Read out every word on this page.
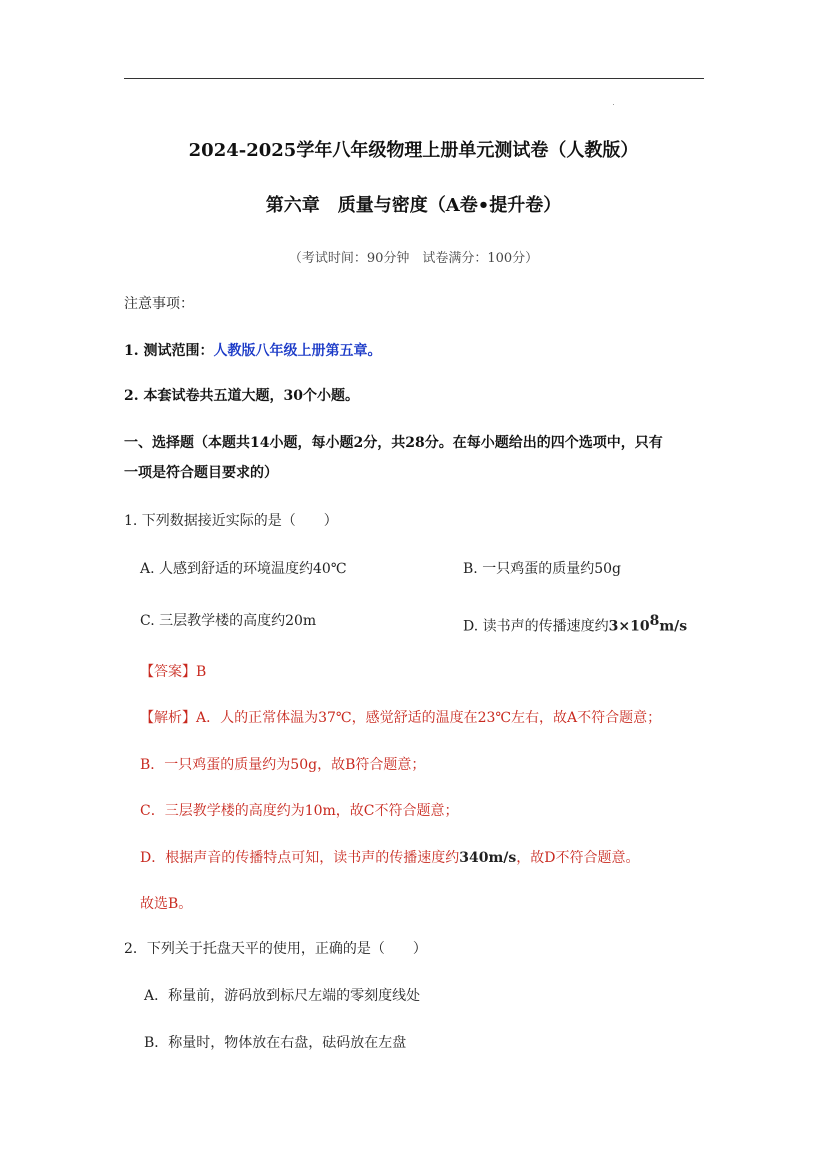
2024-2025学年八年级物理上册单元测试卷（人教版）
第六章　质量与密度（A卷•提升卷）
（考试时间：90分钟　试卷满分：100分）
注意事项：
1. 测试范围：人教版八年级上册第五章。
2. 本套试卷共五道大题，30个小题。
一、选择题（本题共14小题，每小题2分，共28分。在每小题给出的四个选项中，只有
一项是符合题目要求的）
1. 下列数据接近实际的是（　　）
A. 人感到舒适的环境温度约40℃	B. 一只鸡蛋的质量约50g
C. 三层教学楼的高度约20m	D. 读书声的传播速度约3×108m/s
【答案】B
【解析】A．人的正常体温为37℃，感觉舒适的温度在23℃左右，故A不符合题意；
B．一只鸡蛋的质量约为50g，故B符合题意；
C．三层教学楼的高度约为10m，故C不符合题意；
D．根据声音的传播特点可知，读书声的传播速度约340m/s，故D不符合题意。
故选B。
2．下列关于托盘天平的使用，正确的是（　　）
A．称量前，游码放到标尺左端的零刻度线处
B．称量时，物体放在右盘，砝码放在左盘
